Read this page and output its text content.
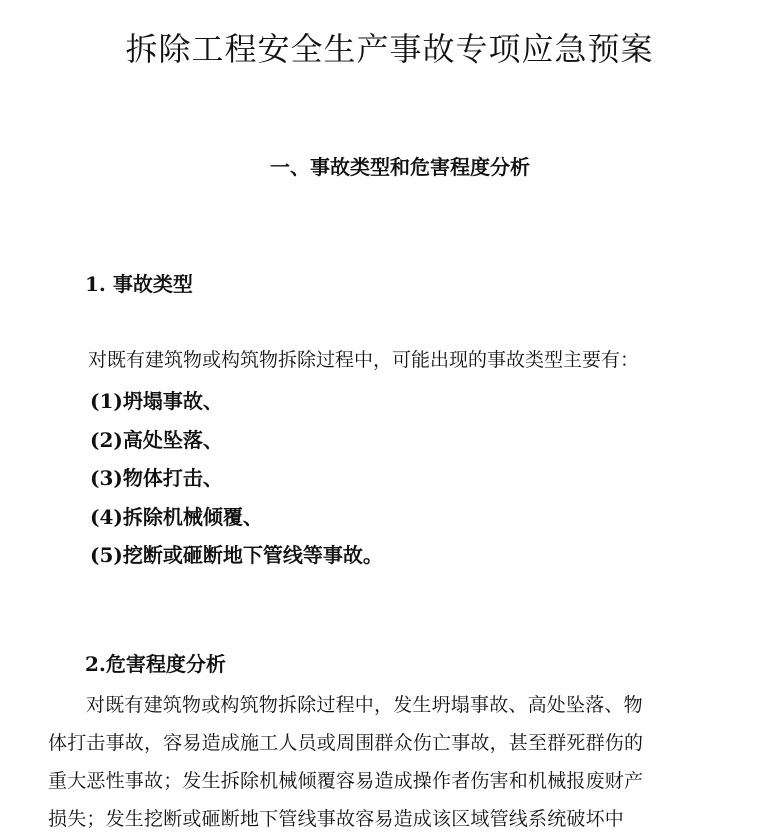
拆除工程安全生产事故专项应急预案
一、事故类型和危害程度分析
1. 事故类型

对既有建筑物或构筑物拆除过程中，可能出现的事故类型主要有：

(1)坍塌事故、
(2)高处坠落、
(3)物体打击、
(4)拆除机械倾覆、
(5)挖断或砸断地下管线等事故。
2.危害程度分析
对既有建筑物或构筑物拆除过程中，发生坍塌事故、高处坠落、物
体打击事故，容易造成施工人员或周围群众伤亡事故，甚至群死群伤的
重大恶性事故；发生拆除机械倾覆容易造成操作者伤害和机械报废财产
损失；发生挖断或砸断地下管线事故容易造成该区域管线系统破坏中
